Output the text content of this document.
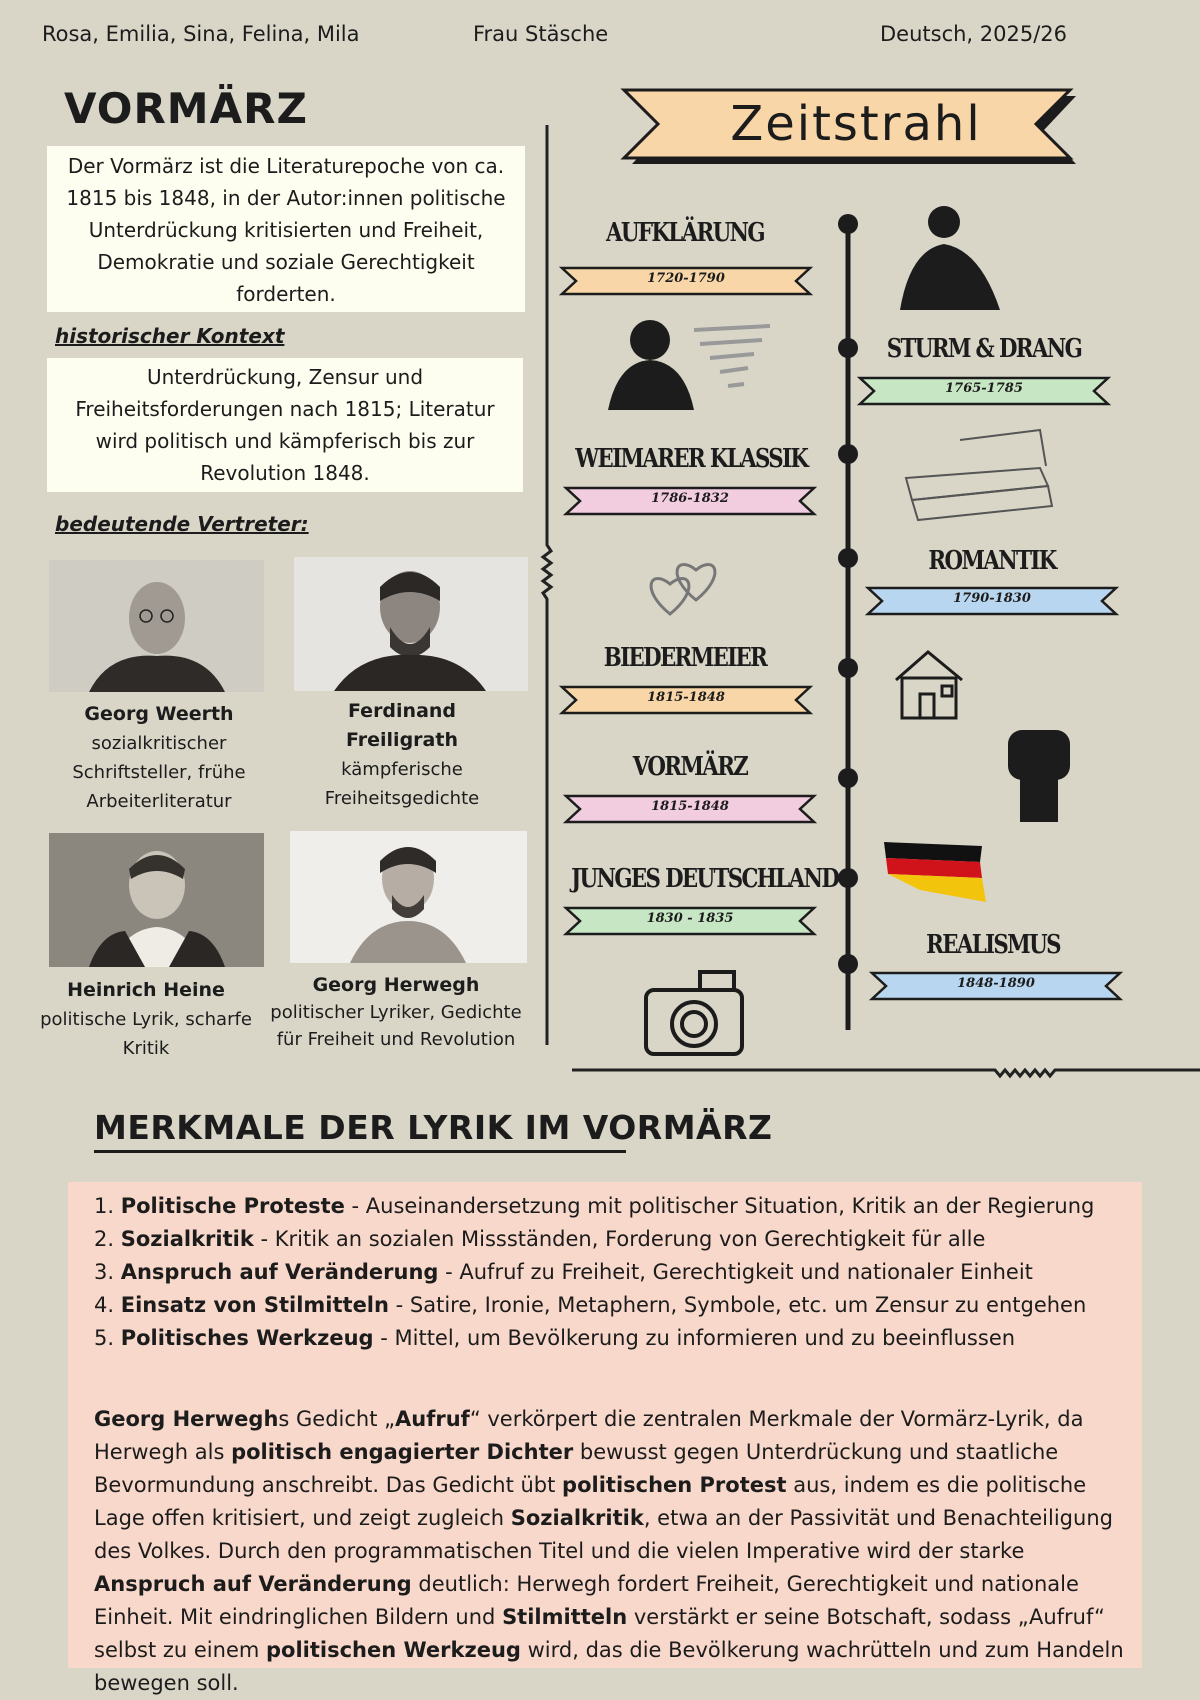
Rosa, Emilia, Sina, Felina, Mila	Frau Stäsche	Deutsch, 2025/26
VORMÄRZ
Der Vormärz ist die Literaturepoche von ca. 1815 bis 1848, in der Autor:innen politische Unterdrückung kritisierten und Freiheit, Demokratie und soziale Gerechtigkeit forderten.
historischer Kontext
Unterdrückung, Zensur und Freiheitsforderungen nach 1815; Literatur wird politisch und kämpferisch bis zur Revolution 1848.
bedeutende Vertreter:
Georg Weerth
sozialkritischer Schriftsteller, frühe Arbeiterliteratur
Ferdinand Freiligrath
kämpferische Freiheitsgedichte
Heinrich Heine
politische Lyrik, scharfe Kritik
Georg Herwegh
politischer Lyriker, Gedichte für Freiheit und Revolution
Zeitstrahl
AUFKLÄRUNG
1720-1790
STURM & DRANG
1765-1785
WEIMARER KLASSIK
1786-1832
ROMANTIK
1790-1830
BIEDERMEIER
1815-1848
VORMÄRZ
1815-1848
JUNGES DEUTSCHLAND
1830 - 1835
REALISMUS
1848-1890
MERKMALE DER LYRIK IM VORMÄRZ
1. Politische Proteste - Auseinandersetzung mit politischer Situation, Kritik an der Regierung
2. Sozialkritik - Kritik an sozialen Missständen, Forderung von Gerechtigkeit für alle
3. Anspruch auf Veränderung - Aufruf zu Freiheit, Gerechtigkeit und nationaler Einheit
4. Einsatz von Stilmitteln - Satire, Ironie, Metaphern, Symbole, etc. um Zensur zu entgehen
5. Politisches Werkzeug - Mittel, um Bevölkerung zu informieren und zu beeinflussen

Georg Herweghs Gedicht „Aufruf“ verkörpert die zentralen Merkmale der Vormärz-Lyrik, da Herwegh als politisch engagierter Dichter bewusst gegen Unterdrückung und staatliche Bevormundung anschreibt. Das Gedicht übt politischen Protest aus, indem es die politische Lage offen kritisiert, und zeigt zugleich Sozialkritik, etwa an der Passivität und Benachteiligung des Volkes. Durch den programmatischen Titel und die vielen Imperative wird der starke Anspruch auf Veränderung deutlich: Herwegh fordert Freiheit, Gerechtigkeit und nationale Einheit. Mit eindringlichen Bildern und Stilmitteln verstärkt er seine Botschaft, sodass „Aufruf“ selbst zu einem politischen Werkzeug wird, das die Bevölkerung wachrütteln und zum Handeln bewegen soll.
